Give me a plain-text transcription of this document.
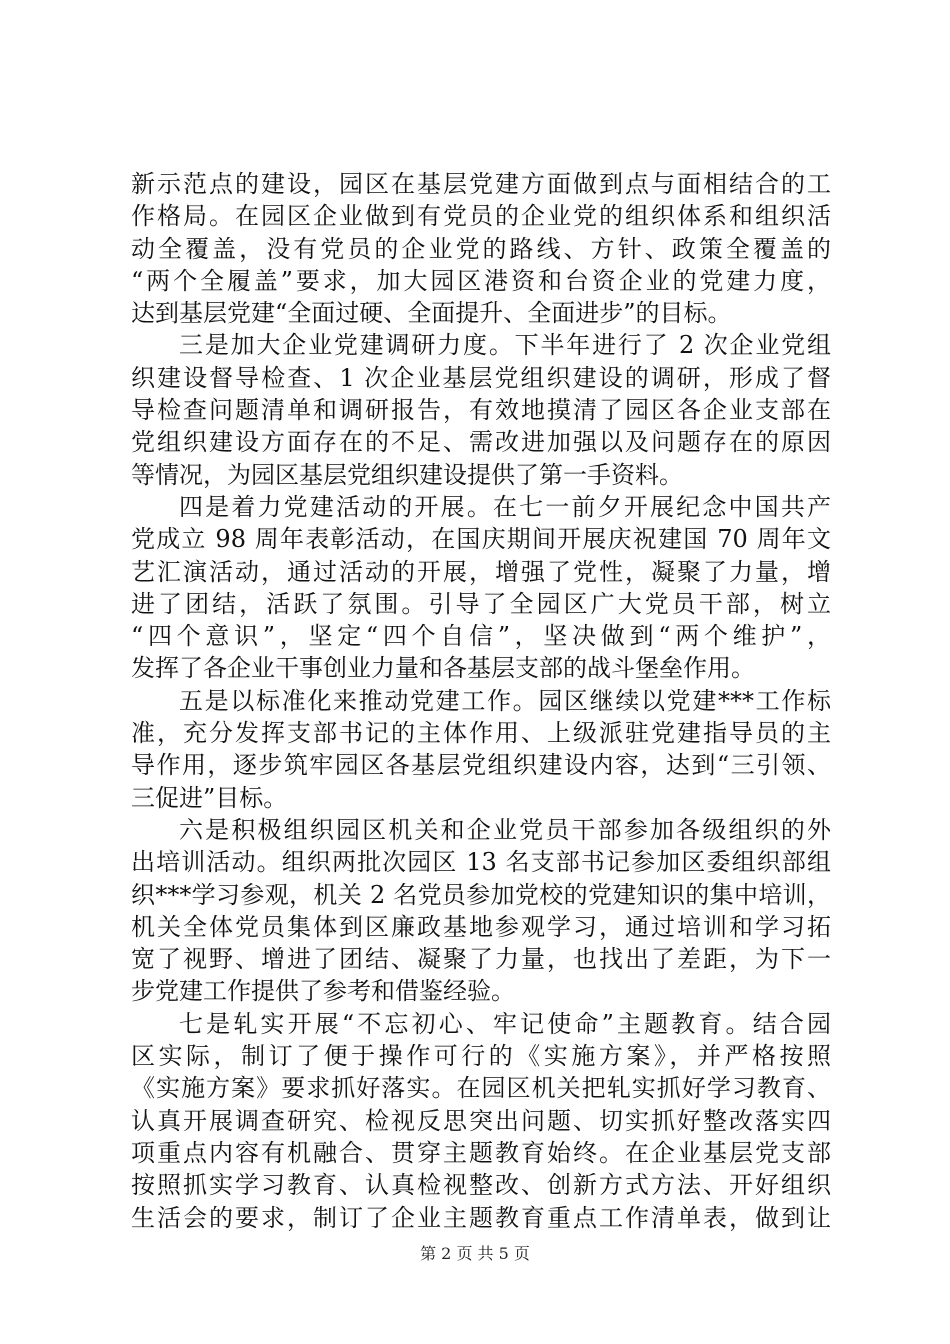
新示范点的建设，园区在基层党建方面做到点与面相结合的工
作格局。在园区企业做到有党员的企业党的组织体系和组织活
动全覆盖，没有党员的企业党的路线、方针、政策全覆盖的
“两个全履盖”要求，加大园区港资和台资企业的党建力度，
达到基层党建“全面过硬、全面提升、全面进步”的目标。
三是加大企业党建调研力度。下半年进行了 2 次企业党组
织建设督导检查、1 次企业基层党组织建设的调研，形成了督
导检查问题清单和调研报告，有效地摸清了园区各企业支部在
党组织建设方面存在的不足、需改进加强以及问题存在的原因
等情况，为园区基层党组织建设提供了第一手资料。
四是着力党建活动的开展。在七一前夕开展纪念中国共产
党成立 98 周年表彰活动，在国庆期间开展庆祝建国 70 周年文
艺汇演活动，通过活动的开展，增强了党性，凝聚了力量，增
进了团结，活跃了氛围。引导了全园区广大党员干部，树立
“四个意识”，坚定“四个自信”，坚决做到“两个维护”，
发挥了各企业干事创业力量和各基层支部的战斗堡垒作用。
五是以标准化来推动党建工作。园区继续以党建***工作标
准，充分发挥支部书记的主体作用、上级派驻党建指导员的主
导作用，逐步筑牢园区各基层党组织建设内容，达到“三引领、
三促进”目标。
六是积极组织园区机关和企业党员干部参加各级组织的外
出培训活动。组织两批次园区 13 名支部书记参加区委组织部组
织***学习参观，机关 2 名党员参加党校的党建知识的集中培训，
机关全体党员集体到区廉政基地参观学习，通过培训和学习拓
宽了视野、增进了团结、凝聚了力量，也找出了差距，为下一
步党建工作提供了参考和借鉴经验。
七是轧实开展“不忘初心、牢记使命”主题教育。结合园
区实际，制订了便于操作可行的《实施方案》，并严格按照
《实施方案》要求抓好落实。在园区机关把轧实抓好学习教育、
认真开展调查研究、检视反思突出问题、切实抓好整改落实四
项重点内容有机融合、贯穿主题教育始终。在企业基层党支部
按照抓实学习教育、认真检视整改、创新方式方法、开好组织
生活会的要求，制订了企业主题教育重点工作清单表，做到让
第 2 页 共 5 页
